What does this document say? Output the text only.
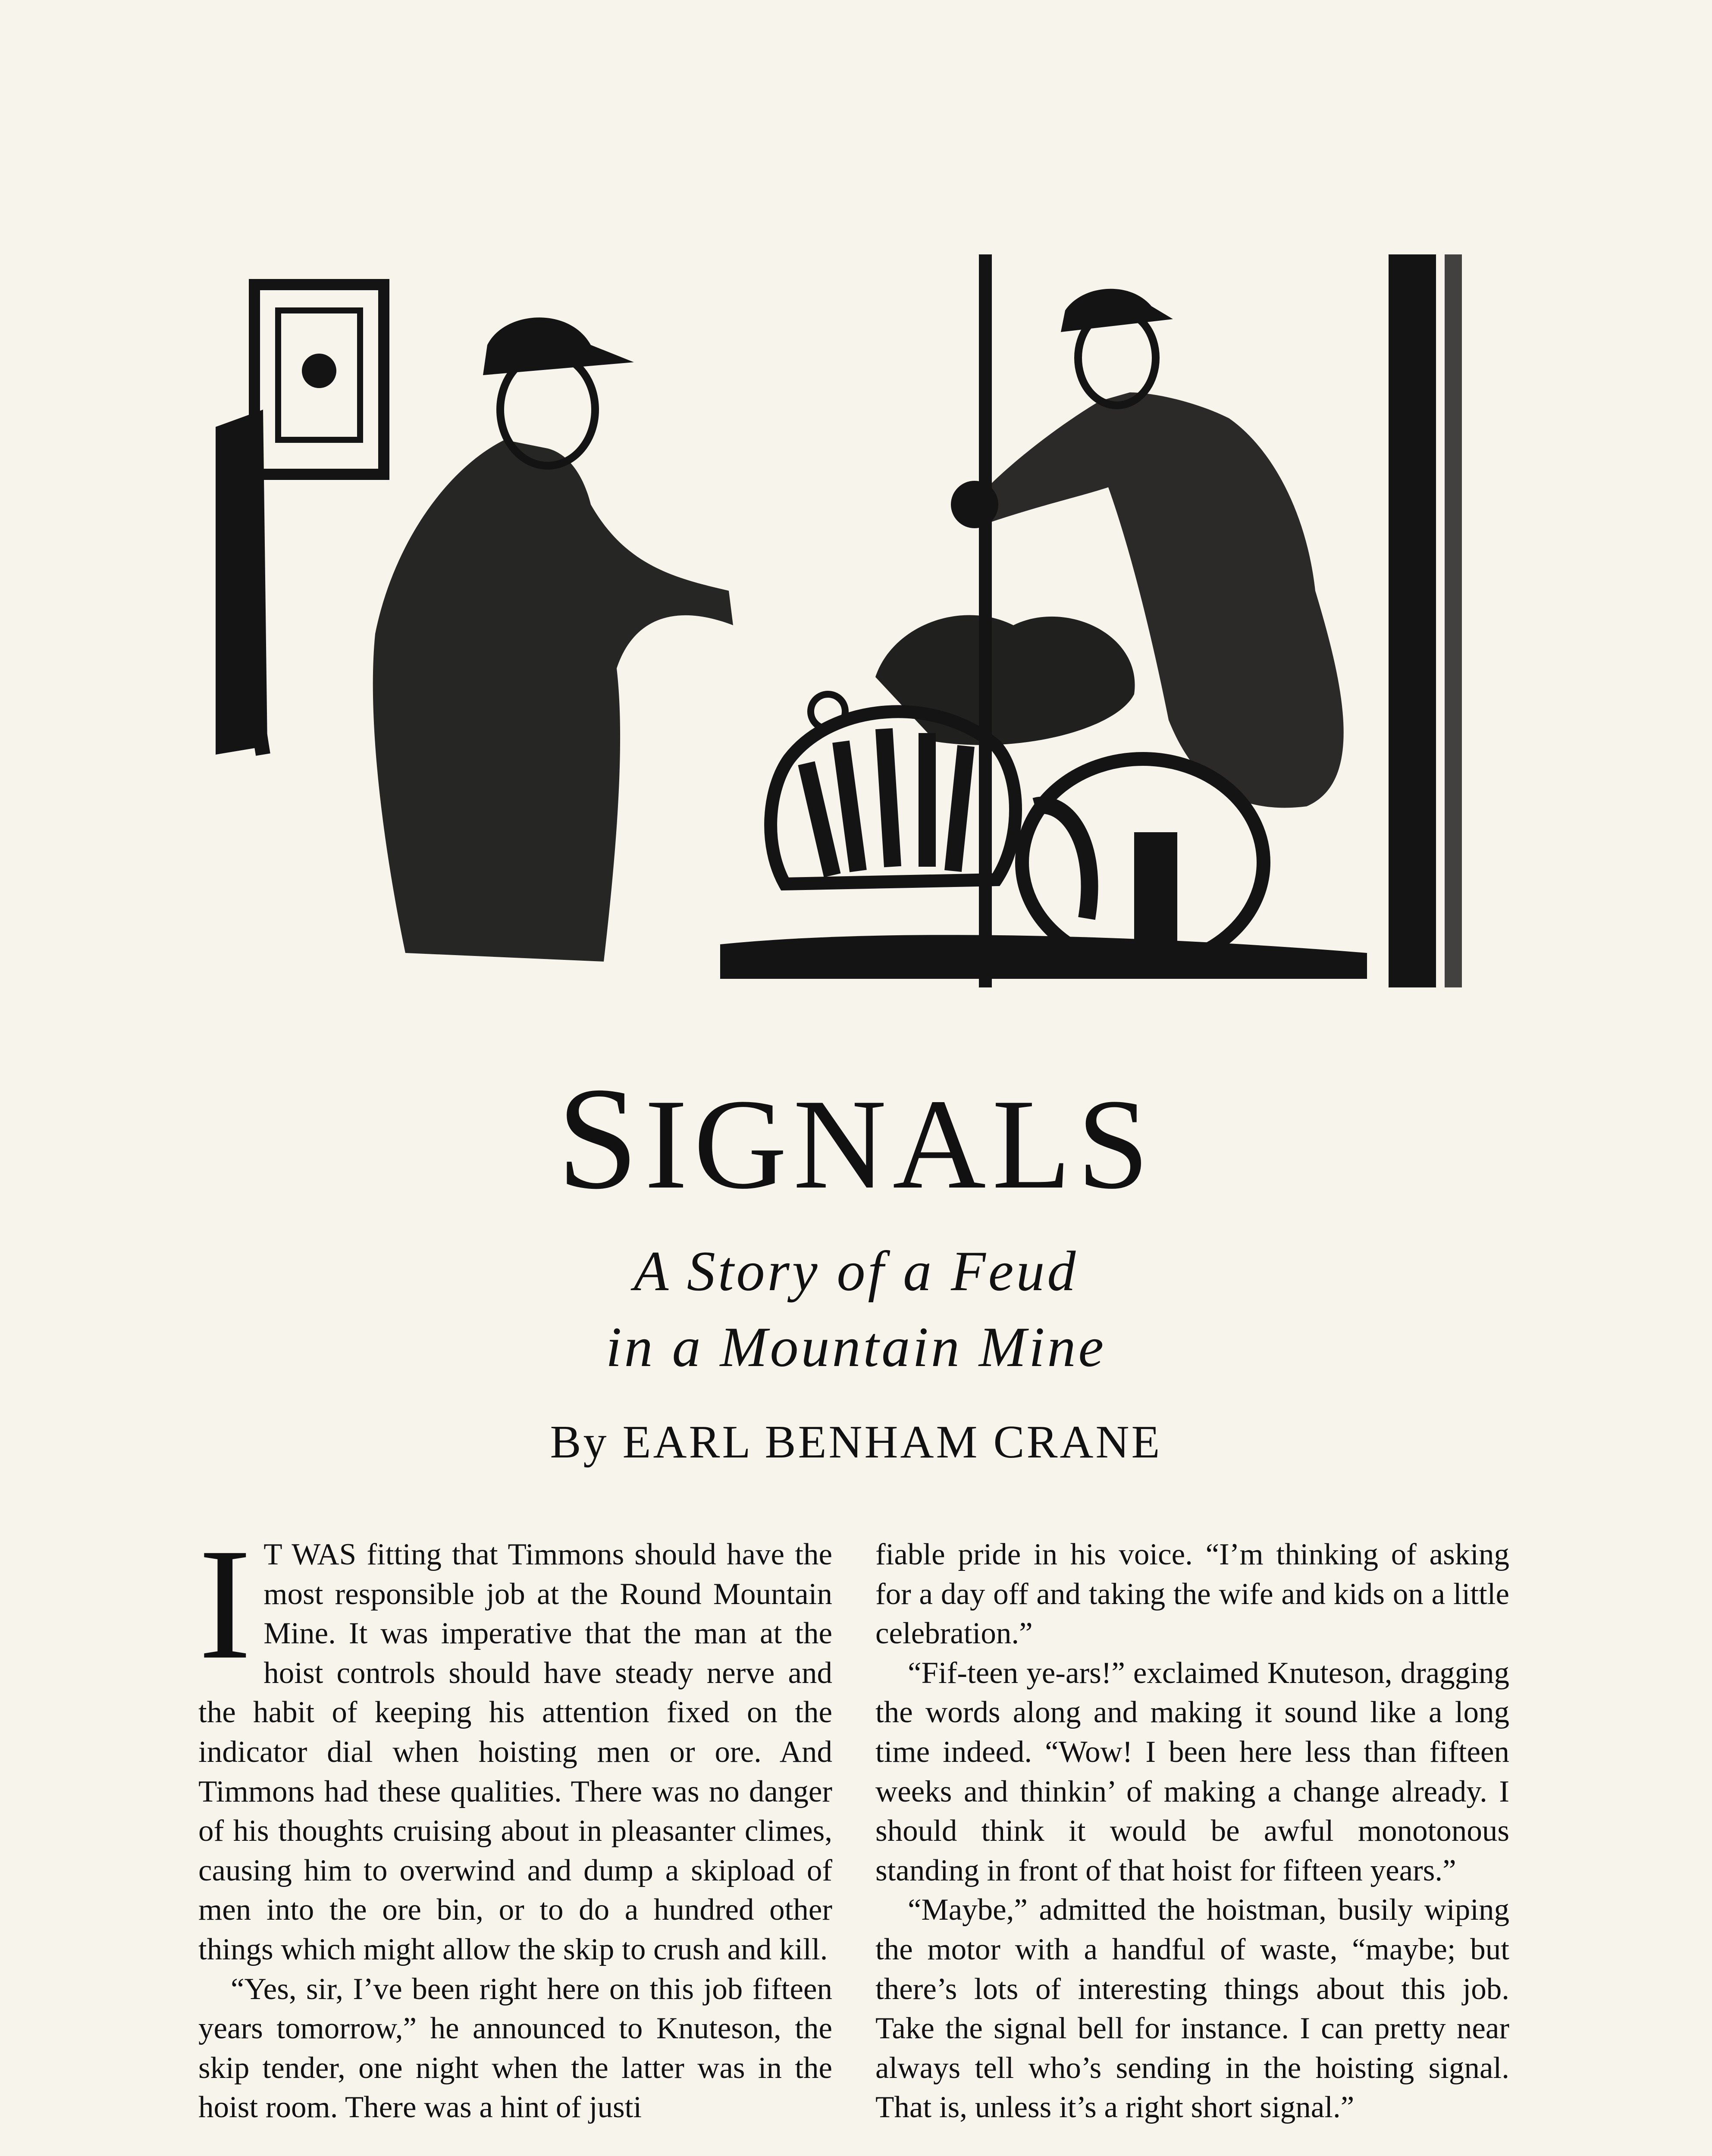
SIGNALS
A Story of a Feud
in a Mountain Mine
By EARL BENHAM CRANE

I T WAS fitting that Timmons should have the most responsible job at the Round Mountain Mine. It was imperative that the man at the hoist controls should have steady nerve and the habit of keeping his attention fixed on the indicator dial when hoisting men or ore. And Timmons had these qualities. There was no danger of his thoughts cruising about in pleasanter climes, causing him to overwind and dump a skipload of men into the ore bin, or to do a hundred other things which might allow the skip to crush and kill.

“Yes, sir, I’ve been right here on this job fifteen years tomorrow,” he announced to Knuteson, the skip tender, one night when the latter was in the hoist room. There was a hint of justi

fiable pride in his voice. “I’m thinking of asking for a day off and taking the wife and kids on a little celebration.”

“Fif-teen ye-ars!” exclaimed Knuteson, dragging the words along and making it sound like a long time indeed. “Wow! I been here less than fifteen weeks and thinkin’ of making a change already. I should think it would be awful monotonous standing in front of that hoist for fifteen years.”

“Maybe,” admitted the hoistman, busily wiping the motor with a handful of waste, “maybe; but there’s lots of interesting things about this job. Take the signal bell for instance. I can pretty near always tell who’s sending in the hoisting signal. That is, unless it’s a right short signal.”
